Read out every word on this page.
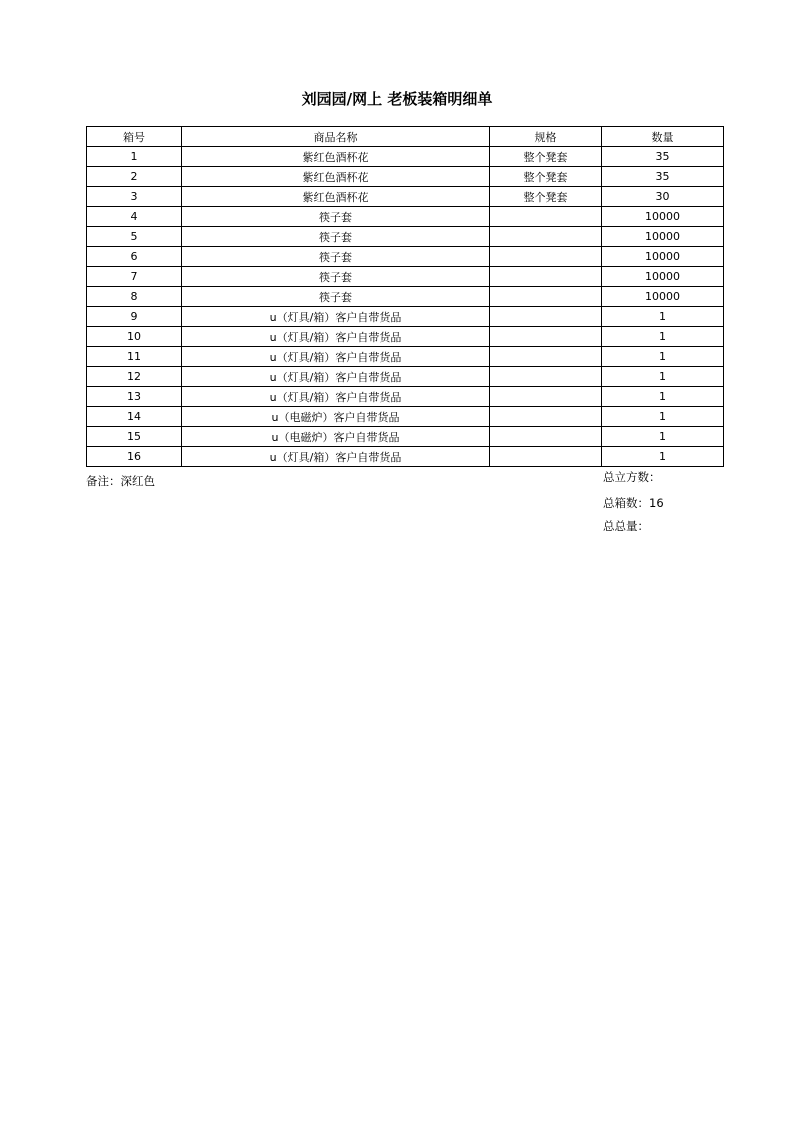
刘园园/网上 老板装箱明细单
箱号	商品名称	规格	数量
1	紫红色酒杯花	整个凳套	35
2	紫红色酒杯花	整个凳套	35
3	紫红色酒杯花	整个凳套	30
4	筷子套		10000
5	筷子套		10000
6	筷子套		10000
7	筷子套		10000
8	筷子套		10000
9	u（灯具/箱）客户自带货品		1
10	u（灯具/箱）客户自带货品		1
11	u（灯具/箱）客户自带货品		1
12	u（灯具/箱）客户自带货品		1
13	u（灯具/箱）客户自带货品		1
14	u（电磁炉）客户自带货品		1
15	u（电磁炉）客户自带货品		1
16	u（灯具/箱）客户自带货品		1
备注：深红色	总立方数：
总箱数：16
总总量：
